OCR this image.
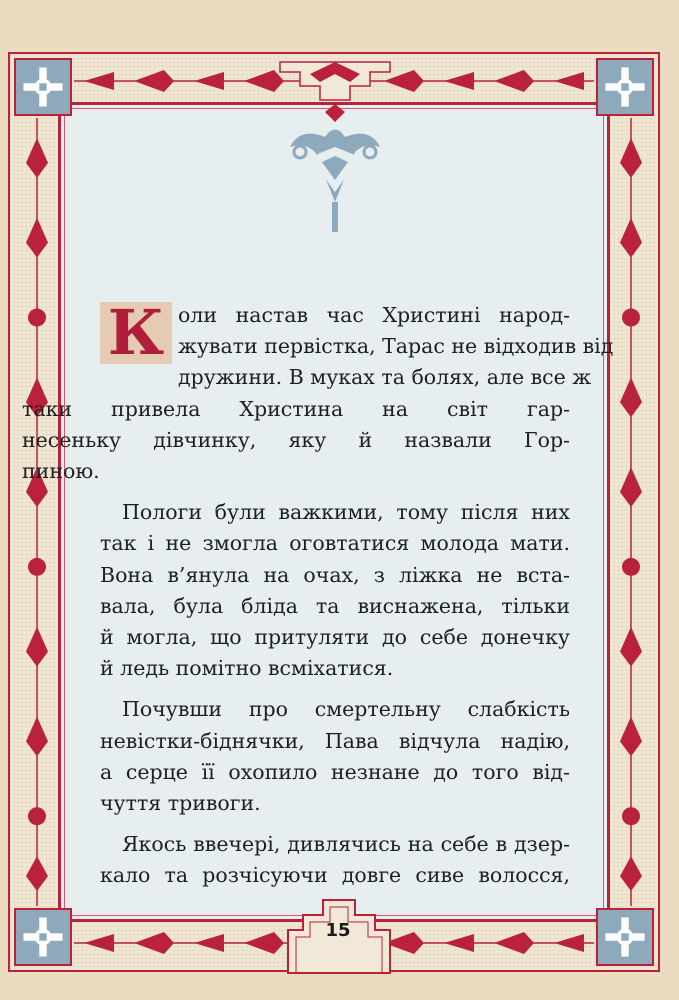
15

К оли настав час Христині народ-
жувати первістка, Тарас не відходив від
дружини. В муках та болях, але все ж
таки привела Христина на світ гар-
несеньку дівчинку, яку й назвали Гор-
пиною.

Пологи були важкими, тому після них
так і не змогла оговтатися молода мати.
Вона в’янула на очах, з ліжка не вста-
вала, була бліда та виснажена, тільки
й могла, що притуляти до себе донечку
й ледь помітно всміхатися.

Почувши про смертельну слабкість
невістки-біднячки, Пава відчула надію,
а серце її охопило незнане до того від-
чуття тривоги.

Якось ввечері, дивлячись на себе в дзер-
кало та розчісуючи довге сиве волосся,
